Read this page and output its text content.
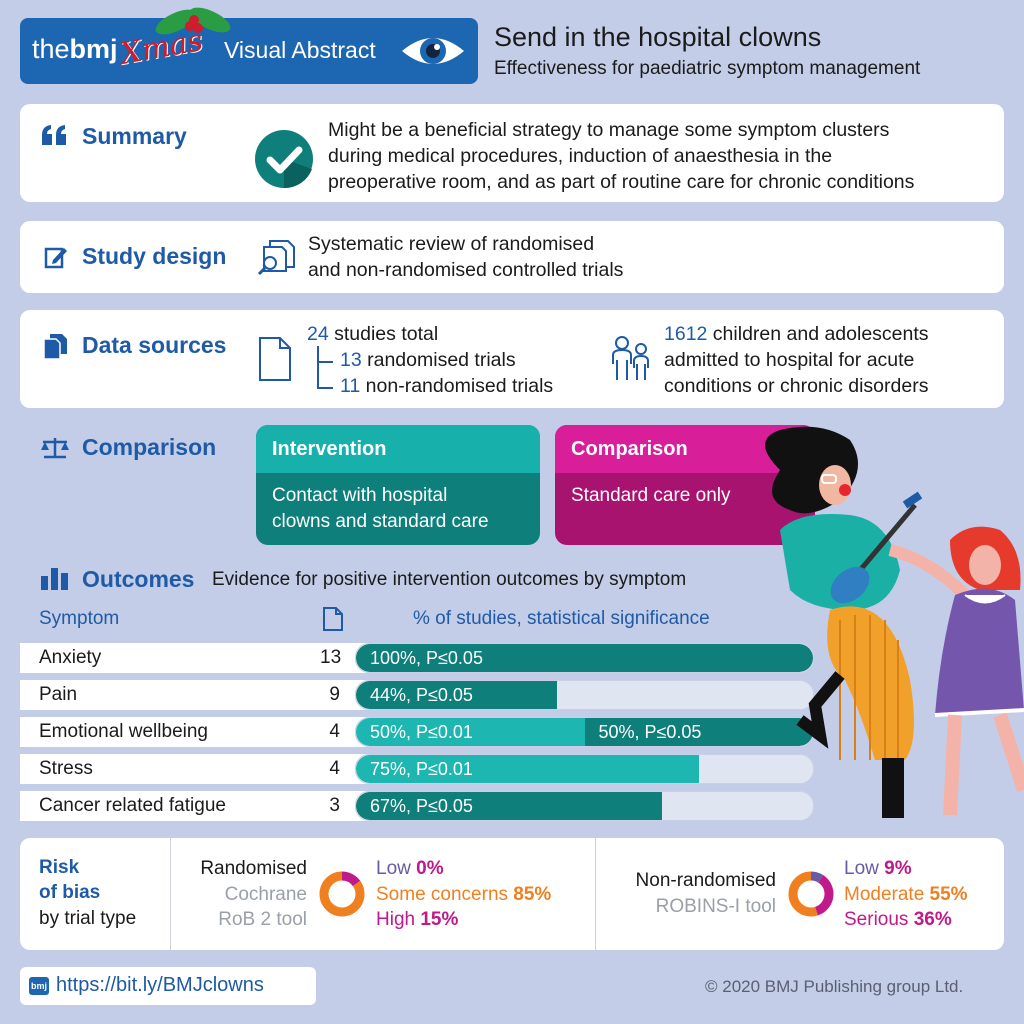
thebmj Xmas Visual Abstract	Send in the hospital clowns
Effectiveness for paediatric symptom management
Summary	Might be a beneficial strategy to manage some symptom clusters
during medical procedures, induction of anaesthesia in the
preoperative room, and as part of routine care for chronic conditions
Study design	Systematic review of randomised
and non-randomised controlled trials
Data sources	24 studies total
13 randomised trials
11 non-randomised trials
1612 children and adolescents
admitted to hospital for acute
conditions or chronic disorders
Comparison	Intervention
Contact with hospital
clowns and standard care
Comparison
Standard care only
Outcomes Evidence for positive intervention outcomes by symptom
Symptom	% of studies, statistical significance
Anxiety	13 100%, P≤0.05
Pain	9 44%, P≤0.05
Emotional wellbeing	4 50%, P≤0.01	50%, P≤0.05
Stress	4 75%, P≤0.01
Cancer related fatigue	3 67%, P≤0.05
Risk
of bias
by trial type
Randomised
Cochrane
RoB 2 tool
Low 0%
Some concerns 85%
High 15%
Non-randomised
ROBINS-I tool
Low 9%
Moderate 55%
Serious 36%
bmj https://bit.ly/BMJclowns	© 2020 BMJ Publishing group Ltd.
